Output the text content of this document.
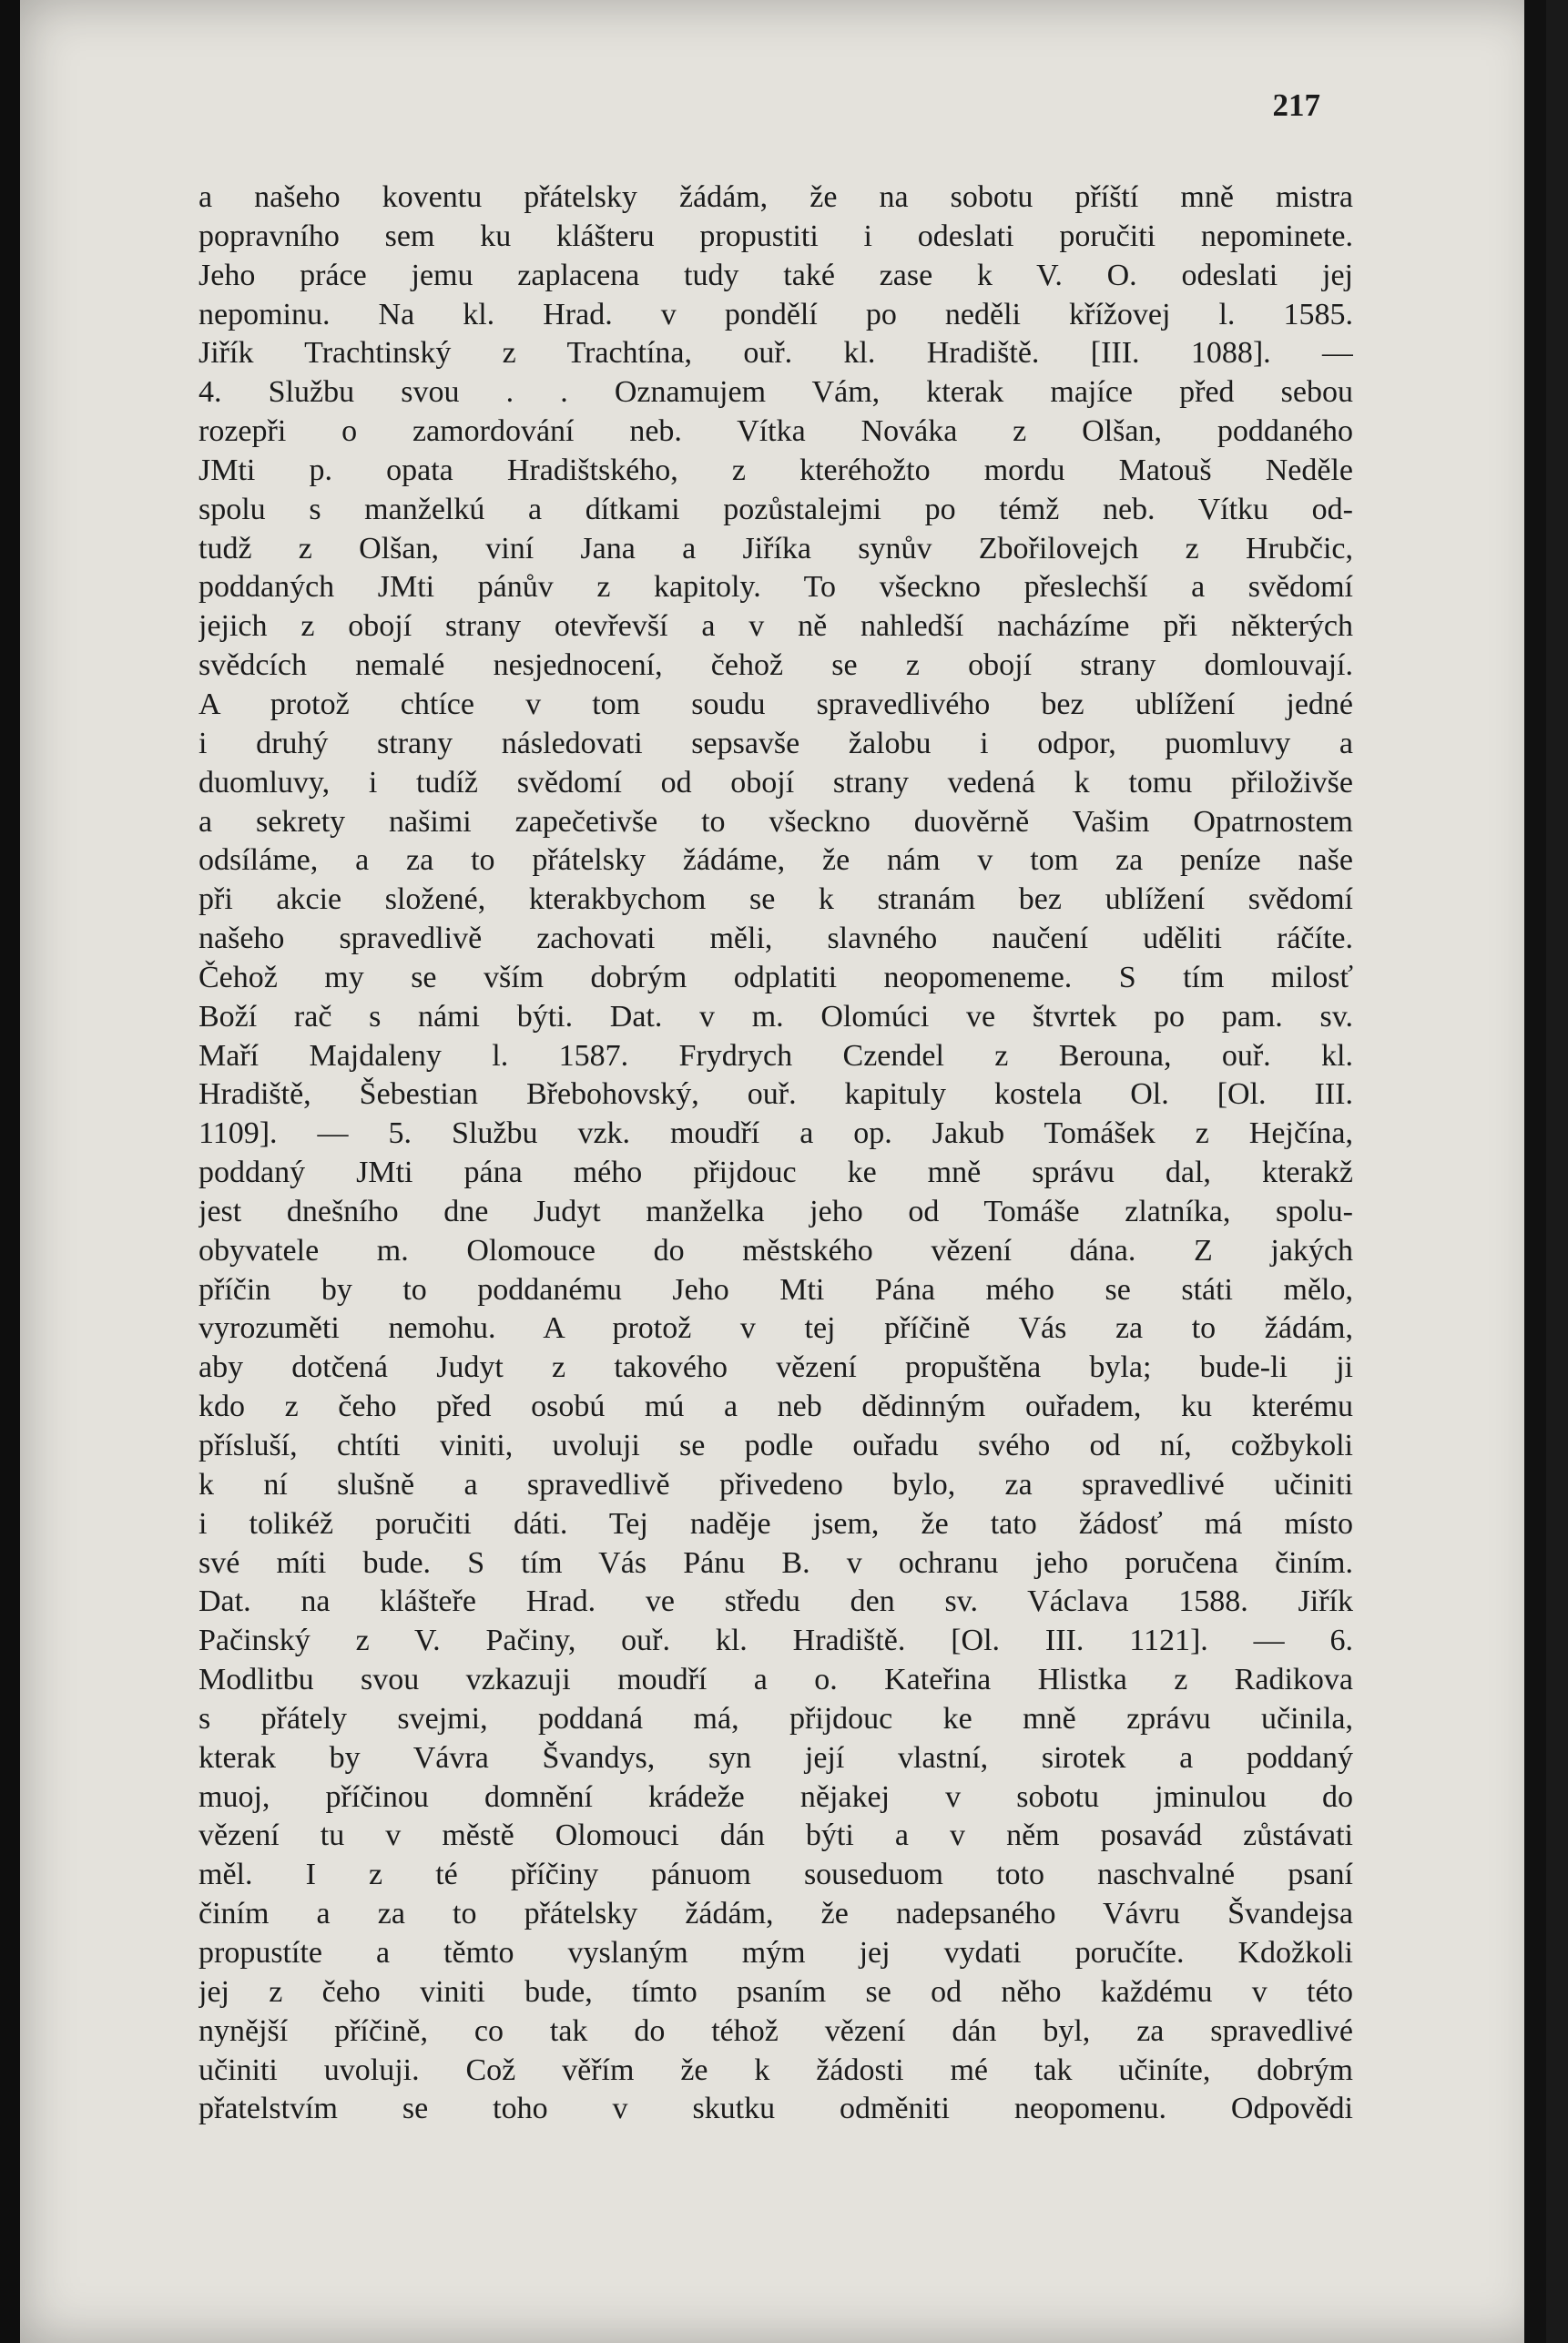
217
a našeho koventu přátelsky žádám, že na sobotu příští mně mistra
popravního sem ku klášteru propustiti i odeslati poručiti nepominete.
Jeho práce jemu zaplacena tudy také zase k V. O. odeslati jej
nepominu. Na kl. Hrad. v pondělí po neděli křížovej l. 1585.
Jiřík Trachtinský z Trachtína, ouř. kl. Hradiště. [III. 1088]. —
4. Službu svou . . Oznamujem Vám, kterak majíce před sebou
rozepři o zamordování neb. Vítka Nováka z Olšan, poddaného
JMti p. opata Hradištského, z kteréhožto mordu Matouš Neděle
spolu s manželkú a dítkami pozůstalejmi po témž neb. Vítku od-
tudž z Olšan, viní Jana a Jiříka synův Zbořilovejch z Hrubčic,
poddaných JMti pánův z kapitoly. To všeckno přeslechší a svědomí
jejich z obojí strany otevřevší a v ně nahledší nacházíme při některých
svědcích nemalé nesjednocení, čehož se z obojí strany domlouvají.
A protož chtíce v tom soudu spravedlivého bez ublížení jedné
i druhý strany následovati sepsavše žalobu i odpor, puomluvy a
duomluvy, i tudíž svědomí od obojí strany vedená k tomu přiloživše
a sekrety našimi zapečetivše to všeckno duověrně Vašim Opatrnostem
odsíláme, a za to přátelsky žádáme, že nám v tom za peníze naše
při akcie složené, kterakbychom se k stranám bez ublížení svědomí
našeho spravedlivě zachovati měli, slavného naučení uděliti ráčíte.
Čehož my se vším dobrým odplatiti neopomeneme. S tím milosť
Boží rač s námi býti. Dat. v m. Olomúci ve štvrtek po pam. sv.
Maří Majdaleny l. 1587. Frydrych Czendel z Berouna, ouř. kl.
Hradiště, Šebestian Břebohovský, ouř. kapituly kostela Ol. [Ol. III.
1109]. — 5. Službu vzk. moudří a op. Jakub Tomášek z Hejčína,
poddaný JMti pána mého přijdouc ke mně správu dal, kterakž
jest dnešního dne Judyt manželka jeho od Tomáše zlatníka, spolu-
obyvatele m. Olomouce do městského vězení dána. Z jakých
příčin by to poddanému Jeho Mti Pána mého se státi mělo,
vyrozuměti nemohu. A protož v tej příčině Vás za to žádám,
aby dotčená Judyt z takového vězení propuštěna byla; bude-li ji
kdo z čeho před osobú mú a neb dědinným ouřadem, ku kterému
přísluší, chtíti viniti, uvoluji se podle ouřadu svého od ní, cožbykoli
k ní slušně a spravedlivě přivedeno bylo, za spravedlivé učiniti
i tolikéž poručiti dáti. Tej naděje jsem, že tato žádosť má místo
své míti bude. S tím Vás Pánu B. v ochranu jeho poručena činím.
Dat. na klášteře Hrad. ve středu den sv. Václava 1588. Jiřík
Pačinský z V. Pačiny, ouř. kl. Hradiště. [Ol. III. 1121]. — 6.
Modlitbu svou vzkazuji moudří a o. Kateřina Hlistka z Radikova
s přátely svejmi, poddaná má, přijdouc ke mně zprávu učinila,
kterak by Vávra Švandys, syn její vlastní, sirotek a poddaný
muoj, příčinou domnění krádeže nějakej v sobotu jminulou do
vězení tu v městě Olomouci dán býti a v něm posavád zůstávati
měl. I z té příčiny pánuom souseduom toto naschvalné psaní
činím a za to přátelsky žádám, že nadepsaného Vávru Švandejsa
propustíte a těmto vyslaným mým jej vydati poručíte. Kdožkoli
jej z čeho viniti bude, tímto psaním se od něho každému v této
nynější příčině, co tak do téhož vězení dán byl, za spravedlivé
učiniti uvoluji. Což věřím že k žádosti mé tak učiníte, dobrým
přatelstvím se toho v skutku odměniti neopomenu. Odpovědi
